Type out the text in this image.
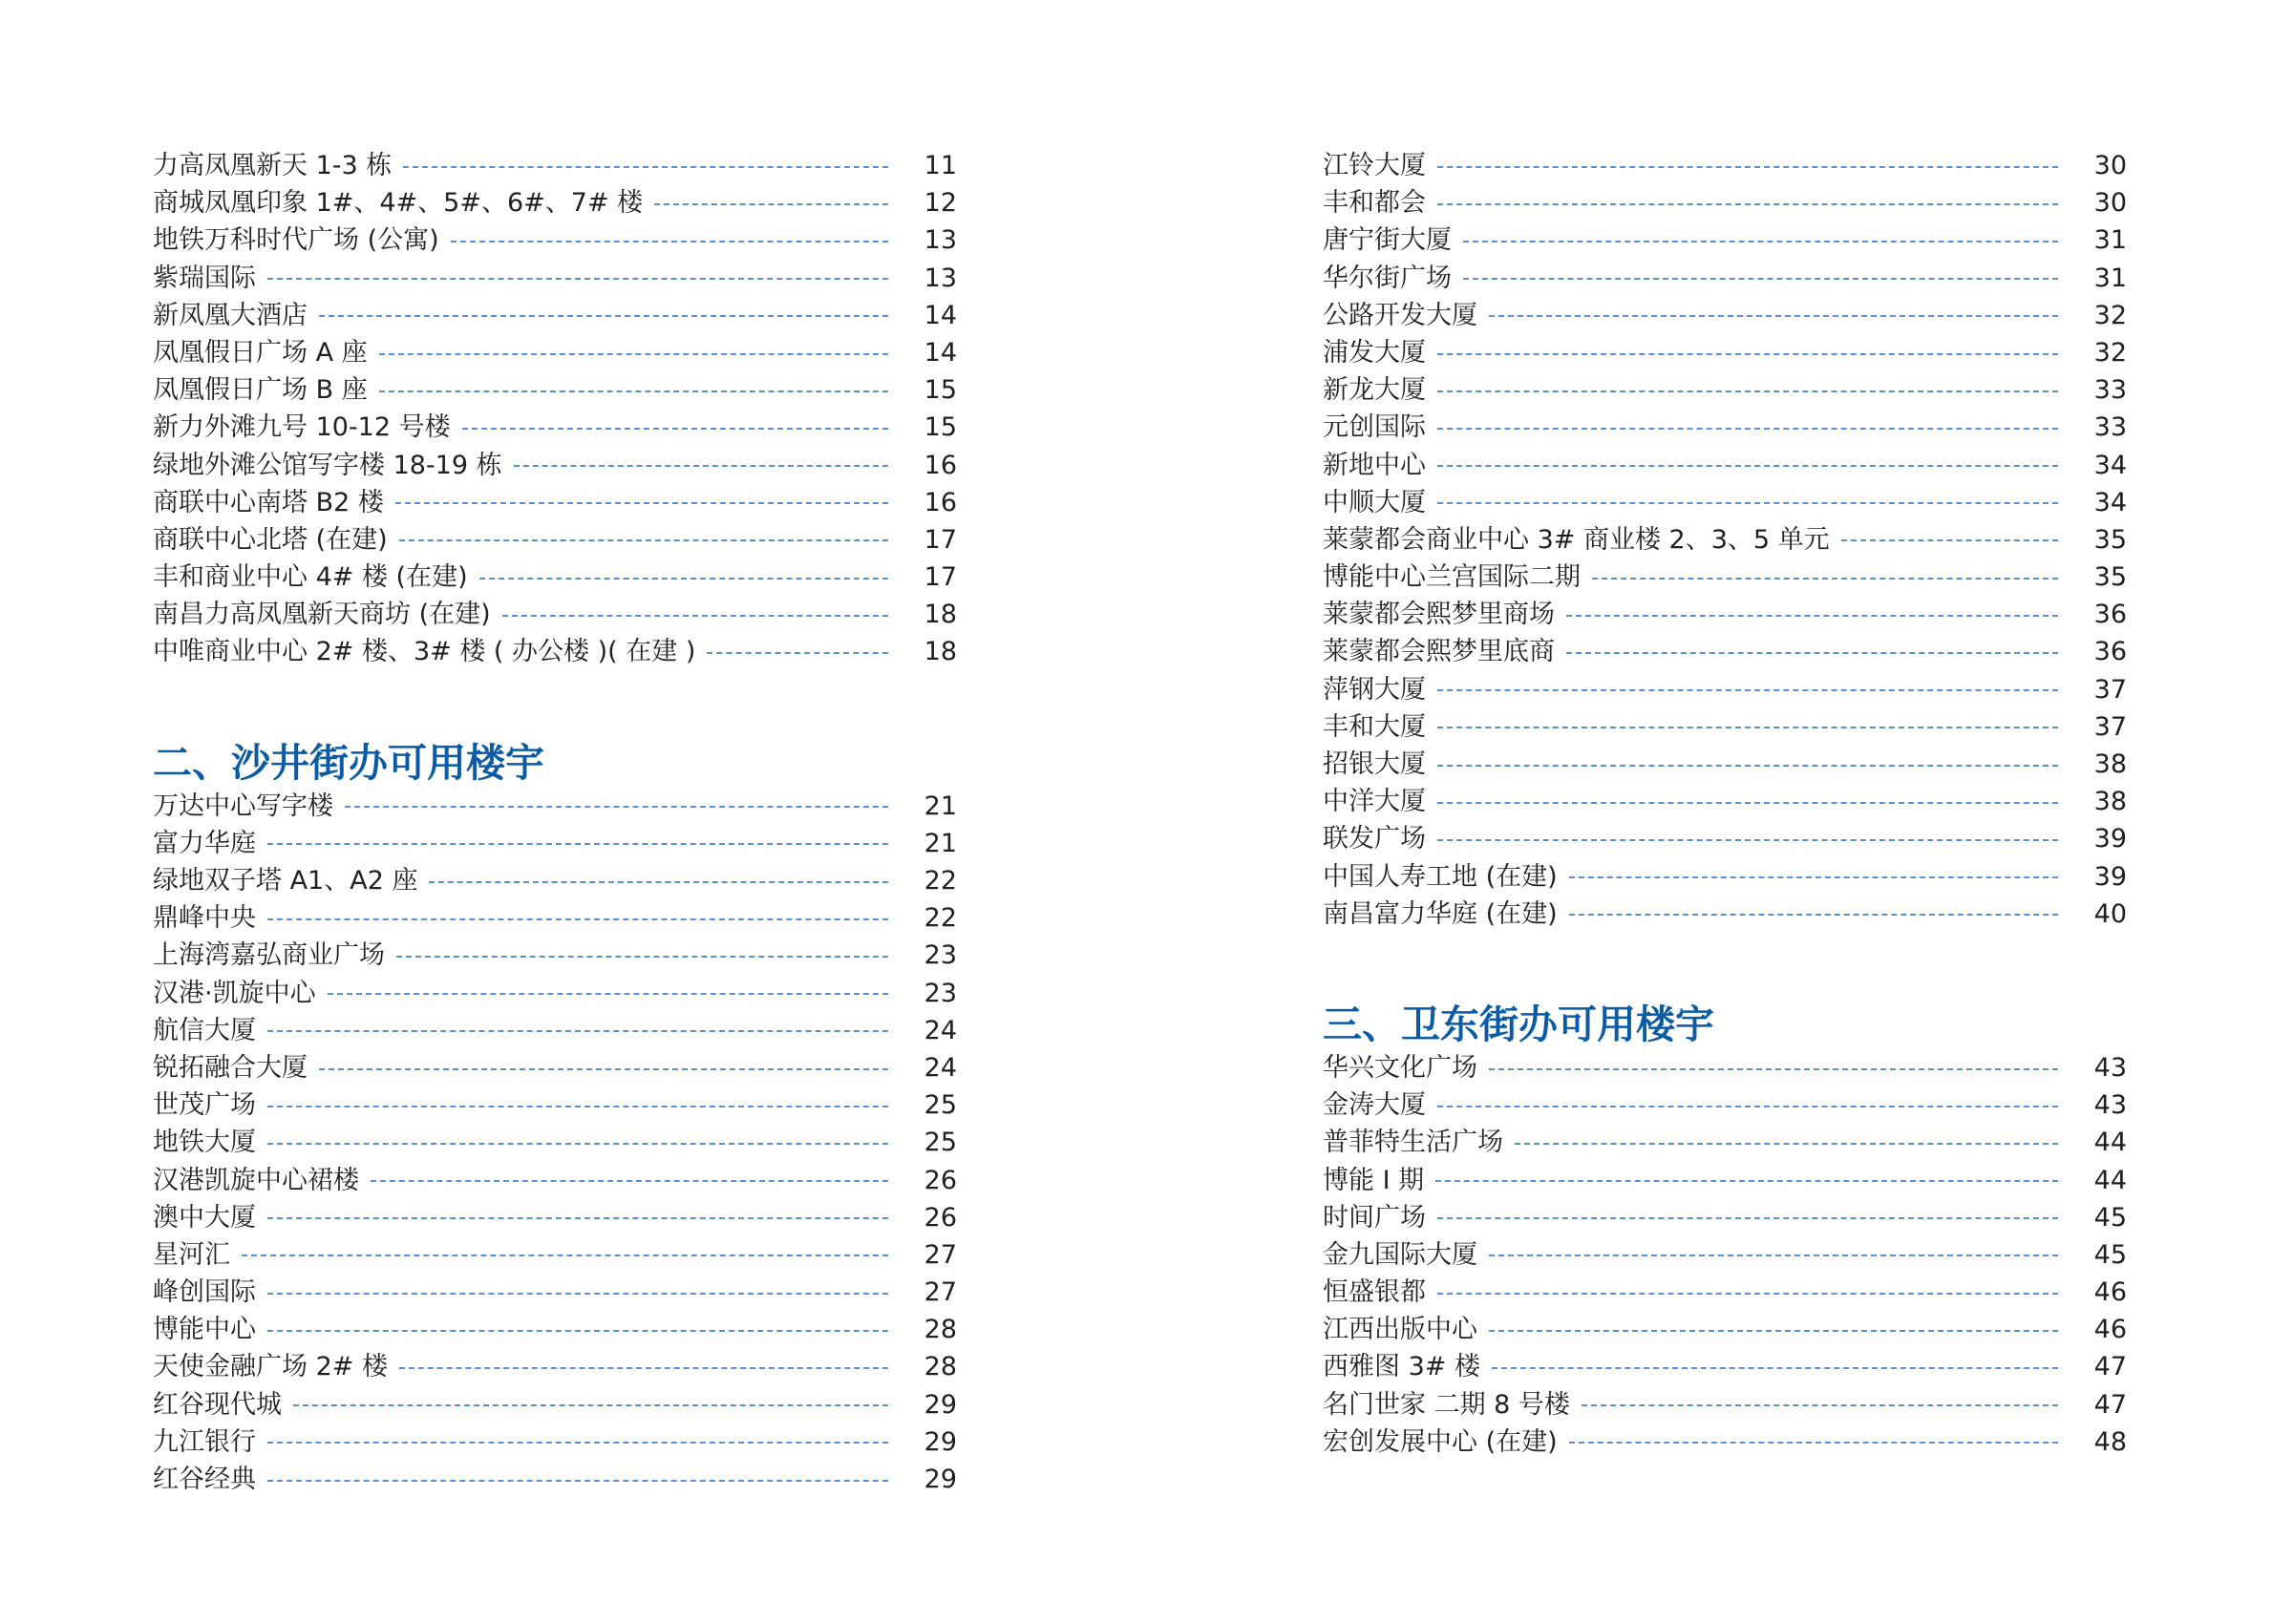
力高凤凰新天 1-3 栋	11
商城凤凰印象 1#、4#、5#、6#、7# 楼	12
地铁万科时代广场 (公寓)	13
紫瑞国际	13
新凤凰大酒店	14
凤凰假日广场 A 座	14
凤凰假日广场 B 座	15
新力外滩九号 10-12 号楼	15
绿地外滩公馆写字楼 18-19 栋	16
商联中心南塔 B2 楼	16
商联中心北塔 (在建)	17
丰和商业中心 4# 楼 (在建)	17
南昌力高凤凰新天商坊 (在建)	18
中唯商业中心 2# 楼、3# 楼 ( 办公楼 )( 在建 )	18
二、沙井街办可用楼宇
万达中心写字楼	21
富力华庭	21
绿地双子塔 A1、A2 座	22
鼎峰中央	22
上海湾嘉弘商业广场	23
汉港·凯旋中心	23
航信大厦	24
锐拓融合大厦	24
世茂广场	25
地铁大厦	25
汉港凯旋中心裙楼	26
澳中大厦	26
星河汇	27
峰创国际	27
博能中心	28
天使金融广场 2# 楼	28
红谷现代城	29
九江银行	29
红谷经典	29
江铃大厦	30
丰和都会	30
唐宁街大厦	31
华尔街广场	31
公路开发大厦	32
浦发大厦	32
新龙大厦	33
元创国际	33
新地中心	34
中顺大厦	34
莱蒙都会商业中心 3# 商业楼 2、3、5 单元	35
博能中心兰宫国际二期	35
莱蒙都会熙梦里商场	36
莱蒙都会熙梦里底商	36
萍钢大厦	37
丰和大厦	37
招银大厦	38
中洋大厦	38
联发广场	39
中国人寿工地 (在建)	39
南昌富力华庭 (在建)	40
三、卫东街办可用楼宇
华兴文化广场	43
金涛大厦	43
普菲特生活广场	44
博能 I 期	44
时间广场	45
金九国际大厦	45
恒盛银都	46
江西出版中心	46
西雅图 3# 楼	47
名门世家 二期 8 号楼	47
宏创发展中心 (在建)	48
